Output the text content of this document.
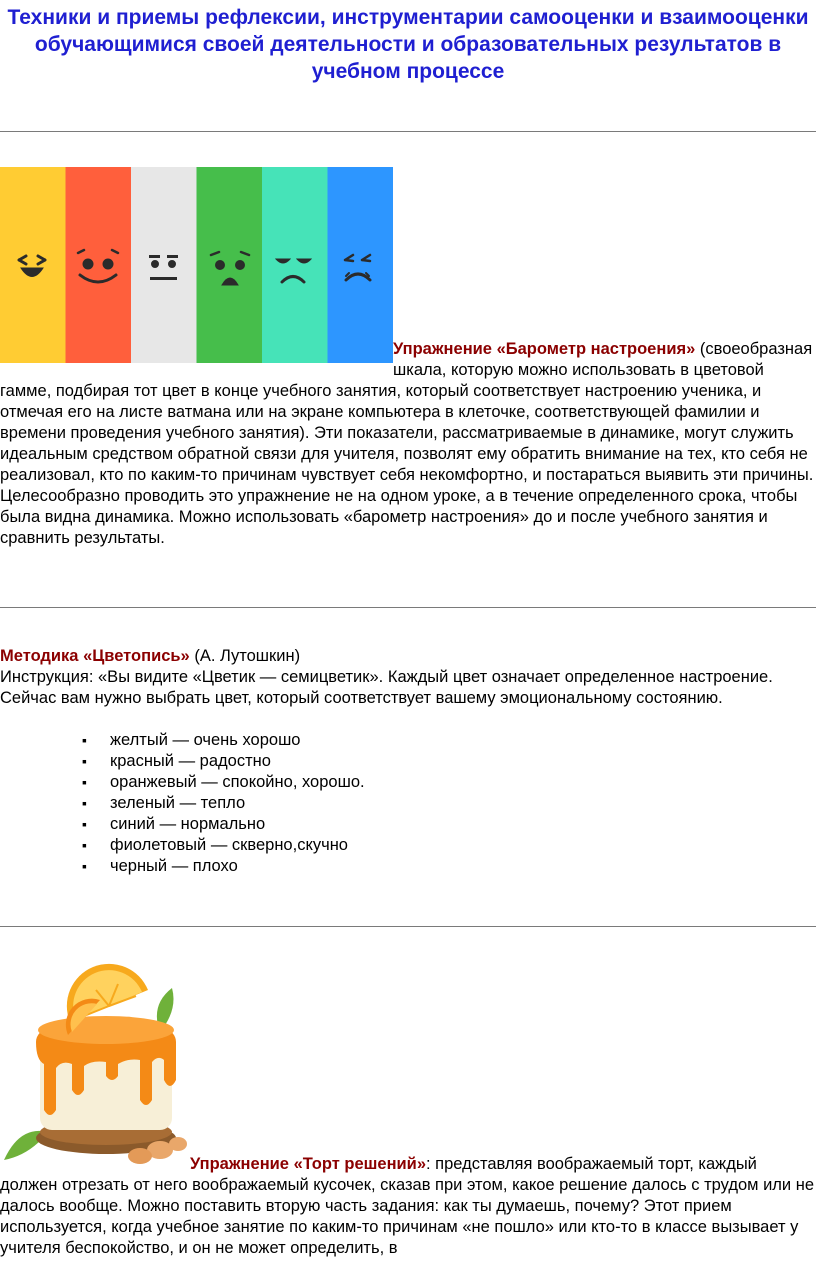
Техники и приемы рефлексии, инструментарии самооценки и взаимооценки обучающимися своей деятельности и образовательных результатов в учебном процессе
Упражнение «Барометр настроения» (своеобразная шкала, которую можно использовать в цветовой гамме, подбирая тот цвет в конце учебного занятия, который соответствует настроению ученика, и отмечая его на листе ватмана или на экране компьютера в клеточке, соответствующей фамилии и времени проведения учебного занятия). Эти показатели, рассматриваемые в динамике, могут служить идеальным средством обратной связи для учителя, позволят ему обратить внимание на тех, кто себя не реализовал, кто по каким-то причинам чувствует себя некомфортно, и постараться выявить эти причины. Целесообразно проводить это упражнение не на одном уроке, а в течение определенного срока, чтобы была видна динамика. Можно использовать «барометр настроения» до и после учебного занятия и сравнить результаты.
Методика «Цветопись» (А. Лутошкин)
Инструкция: «Вы видите «Цветик — семицветик». Каждый цвет означает определенное настроение. Сейчас вам нужно выбрать цвет, который соответствует вашему эмоциональному состоянию.
▪ желтый — очень хорошо
▪ красный — радостно
▪ оранжевый — спокойно, хорошо.
▪ зеленый — тепло
▪ синий — нормально
▪ фиолетовый — скверно,скучно
▪ черный — плохо
Упражнение «Торт решений»: представляя воображаемый торт, каждый должен отрезать от него воображаемый кусочек, сказав при этом, какое решение далось с трудом или не далось вообще. Можно поставить вторую часть задания: как ты думаешь, почему? Этот прием используется, когда учебное занятие по каким-то причинам «не пошло» или кто-то в классе вызывает у учителя беспокойство, и он не может определить, в
